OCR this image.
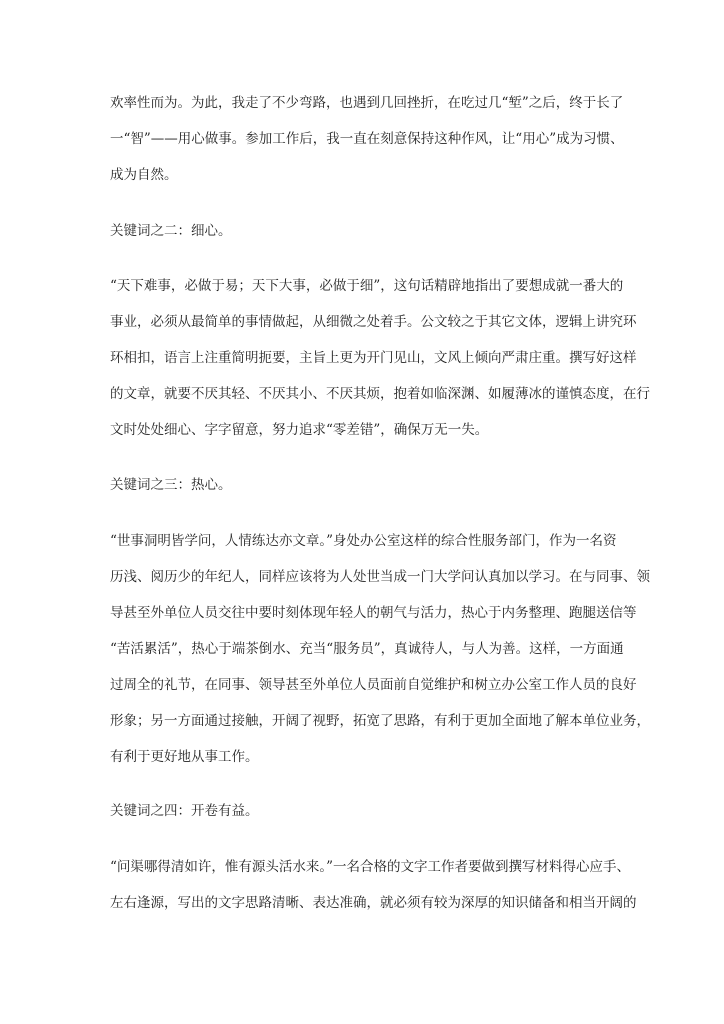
欢率性而为。为此，我走了不少弯路，也遇到几回挫折，在吃过几“堑”之后，终于长了

一“智”——用心做事。参加工作后，我一直在刻意保持这种作风，让“用心”成为习惯、

成为自然。

关键词之二：细心。

“天下难事，必做于易；天下大事，必做于细”，这句话精辟地指出了要想成就一番大的

事业，必须从最简单的事情做起，从细微之处着手。公文较之于其它文体，逻辑上讲究环

环相扣，语言上注重简明扼要，主旨上更为开门见山，文风上倾向严肃庄重。撰写好这样

的文章，就要不厌其轻、不厌其小、不厌其烦，抱着如临深渊、如履薄冰的谨慎态度，在行

文时处处细心、字字留意，努力追求“零差错”，确保万无一失。

关键词之三：热心。

“世事洞明皆学问，人情练达亦文章。”身处办公室这样的综合性服务部门，作为一名资

历浅、阅历少的年纪人，同样应该将为人处世当成一门大学问认真加以学习。在与同事、领

导甚至外单位人员交往中要时刻体现年轻人的朝气与活力，热心于内务整理、跑腿送信等

“苦活累活”，热心于端茶倒水、充当“服务员”，真诚待人，与人为善。这样，一方面通

过周全的礼节，在同事、领导甚至外单位人员面前自觉维护和树立办公室工作人员的良好

形象；另一方面通过接触，开阔了视野，拓宽了思路，有利于更加全面地了解本单位业务，

有利于更好地从事工作。

关键词之四：开卷有益。

“问渠哪得清如许，惟有源头活水来。”一名合格的文字工作者要做到撰写材料得心应手、

左右逢源，写出的文字思路清晰、表达准确，就必须有较为深厚的知识储备和相当开阔的
